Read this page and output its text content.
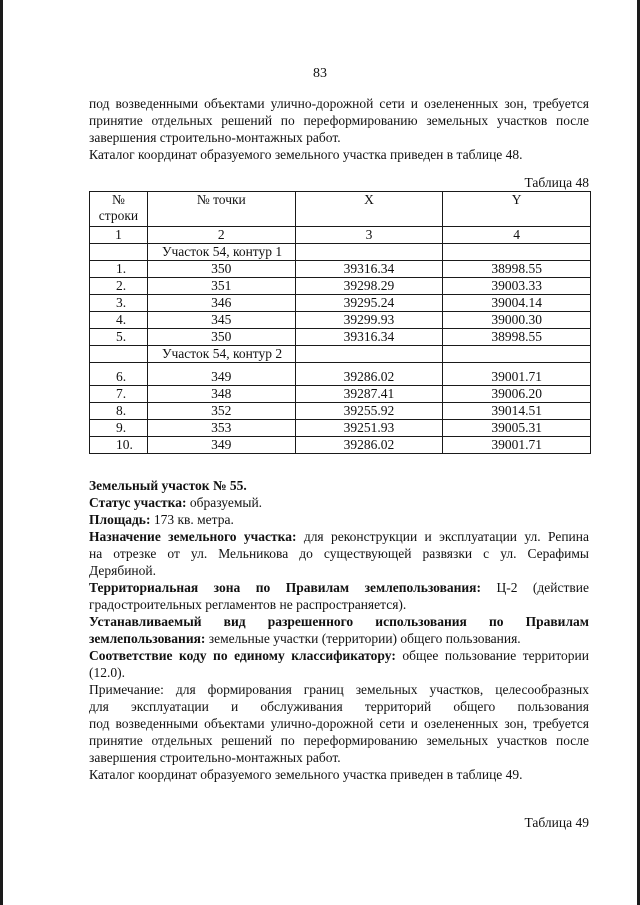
83
под возведенными объектами улично-дорожной сети и озелененных зон, требуется
принятие отдельных решений по переформированию земельных участков после
завершения строительно-монтажных работ.
Каталог координат образуемого земельного участка приведен в таблице 48.
Таблица 48
№
строки	№ точки	X	Y
1	2	3	4
	Участок 54, контур 1		
1.	350	39316.34	38998.55
2.	351	39298.29	39003.33
3.	346	39295.24	39004.14
4.	345	39299.93	39000.30
5.	350	39316.34	38998.55
	Участок 54, контур 2		
6.	349	39286.02	39001.71
7.	348	39287.41	39006.20
8.	352	39255.92	39014.51
9.	353	39251.93	39005.31
10.	349	39286.02	39001.71
Земельный участок № 55.
Статус участка: образуемый.
Площадь: 173 кв. метра.
Назначение земельного участка: для реконструкции и эксплуатации ул. Репина
на отрезке от ул. Мельникова до существующей развязки с ул. Серафимы
Дерябиной.
Территориальная зона по Правилам землепользования: Ц-2 (действие
градостроительных регламентов не распространяется).
Устанавливаемый вид разрешенного использования по Правилам
землепользования: земельные участки (территории) общего пользования.
Соответствие коду по единому классификатору: общее пользование территории
(12.0).
Примечание: для формирования границ земельных участков, целесообразных
для эксплуатации и обслуживания территорий общего пользования
под возведенными объектами улично-дорожной сети и озелененных зон, требуется
принятие отдельных решений по переформированию земельных участков после
завершения строительно-монтажных работ.
Каталог координат образуемого земельного участка приведен в таблице 49.
Таблица 49
